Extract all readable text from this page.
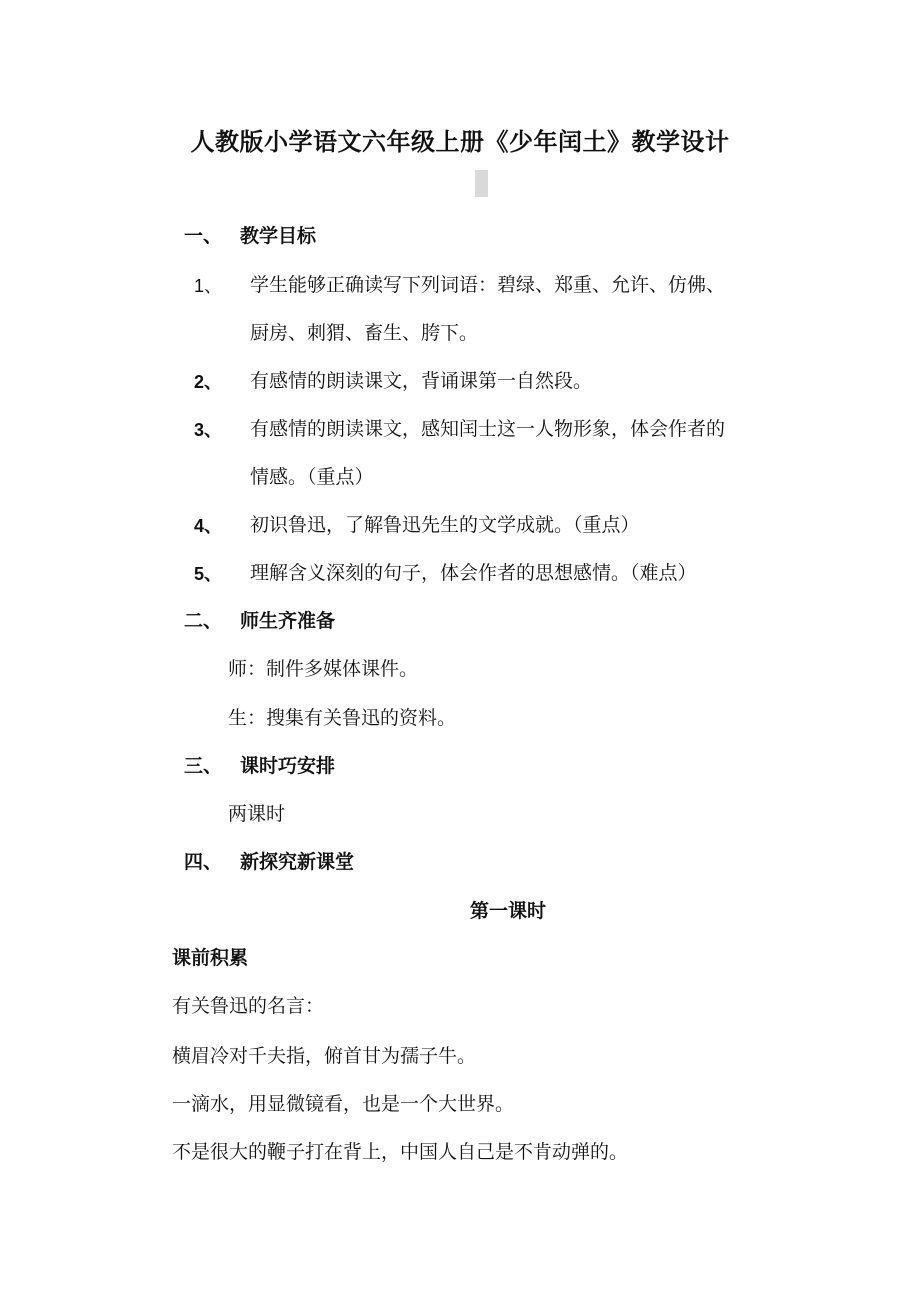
人教版小学语文六年级上册《少年闰土》教学设计
一、 教学目标
1、 学生能够正确读写下列词语：碧绿、郑重、允许、仿佛、
厨房、刺猬、畜生、胯下。
2、 有感情的朗读课文，背诵课第一自然段。
3、 有感情的朗读课文，感知闰士这一人物形象，体会作者的
情感。（重点）
4、 初识鲁迅，了解鲁迅先生的文学成就。（重点）
5、 理解含义深刻的句子，体会作者的思想感情。（难点）
二、 师生齐准备
师：制件多媒体课件。
生：搜集有关鲁迅的资料。
三、 课时巧安排
两课时
四、 新探究新课堂
第一课时
课前积累
有关鲁迅的名言：
横眉冷对千夫指，俯首甘为孺子牛。
一滴水，用显微镜看，也是一个大世界。
不是很大的鞭子打在背上，中国人自己是不肯动弹的。
